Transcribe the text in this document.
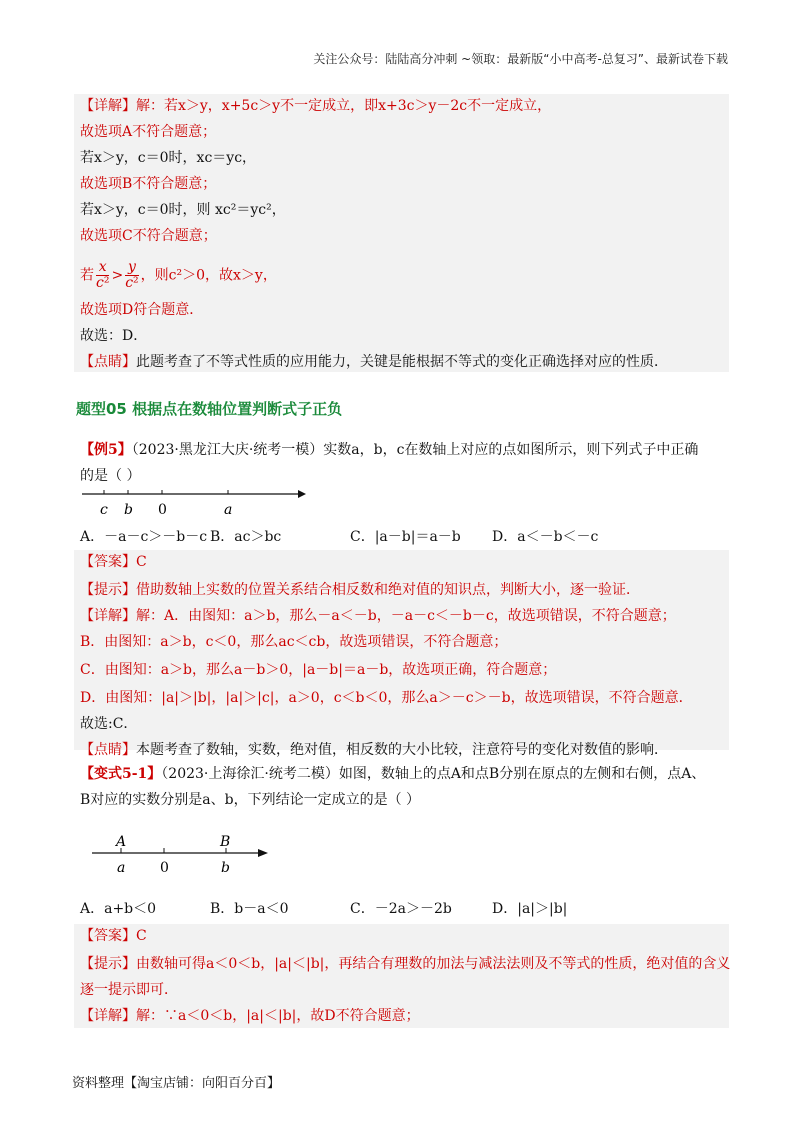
关注公众号：陆陆高分冲刺 ~领取：最新版“小中高考-总复习”、最新试卷下载
【详解】解：若x＞y，x+5c＞y不一定成立，即x+3c＞y－2c不一定成立，
故选项A不符合题意；
若x＞y，c＝0时，xc＝yc，
故选项B不符合题意；
若x＞y，c＝0时，则 xc²＝yc²，
故选项C不符合题意；
若 $\frac{x}{\text{c²}} > \frac{y}{\text{c²}}$ ，则c²＞0，故x＞y，
故选项D符合题意．
故选：D．
【点睛】此题考查了不等式性质的应用能力，关键是能根据不等式的变化正确选择对应的性质．
题型05 根据点在数轴位置判断式子正负
【例5】（2023·黑龙江大庆·统考一模）实数a，b，c在数轴上对应的点如图所示，则下列式子中正确
的是（ ）
c b 0	a
A．－a－c＞－b－c B．ac＞bc	C．|a－b|＝a－b D．a＜－b＜－c
【答案】C
【提示】借助数轴上实数的位置关系结合相反数和绝对值的知识点，判断大小，逐一验证．
【详解】解：A．由图知：a＞b，那么－a＜－b，－a－c＜－b－c，故选项错误，不符合题意；
B．由图知：a＞b，c＜0，那么ac＜cb，故选项错误，不符合题意；
C．由图知：a＞b，那么a－b＞0，|a－b|＝a－b，故选项正确，符合题意；
D．由图知：|a|＞|b|，|a|＞|c|，a＞0，c＜b＜0，那么a＞－c＞－b，故选项错误，不符合题意．
故选:C．
【点睛】本题考查了数轴，实数，绝对值，相反数的大小比较，注意符号的变化对数值的影响．
【变式5-1】（2023·上海徐汇·统考二模）如图，数轴上的点A和点B分别在原点的左侧和右侧，点A、
B对应的实数分别是a、b，下列结论一定成立的是（ ）
A	B
a 0	b
A．a+b＜0	B．b－a＜0	C．－2a＞－2b	D．|a|＞|b|
【答案】C
【提示】由数轴可得a＜0＜b，|a|＜|b|，再结合有理数的加法与减法法则及不等式的性质，绝对值的含义
逐一提示即可．
【详解】解：∵a＜0＜b，|a|＜|b|，故D不符合题意；
资料整理【淘宝店铺：向阳百分百】
